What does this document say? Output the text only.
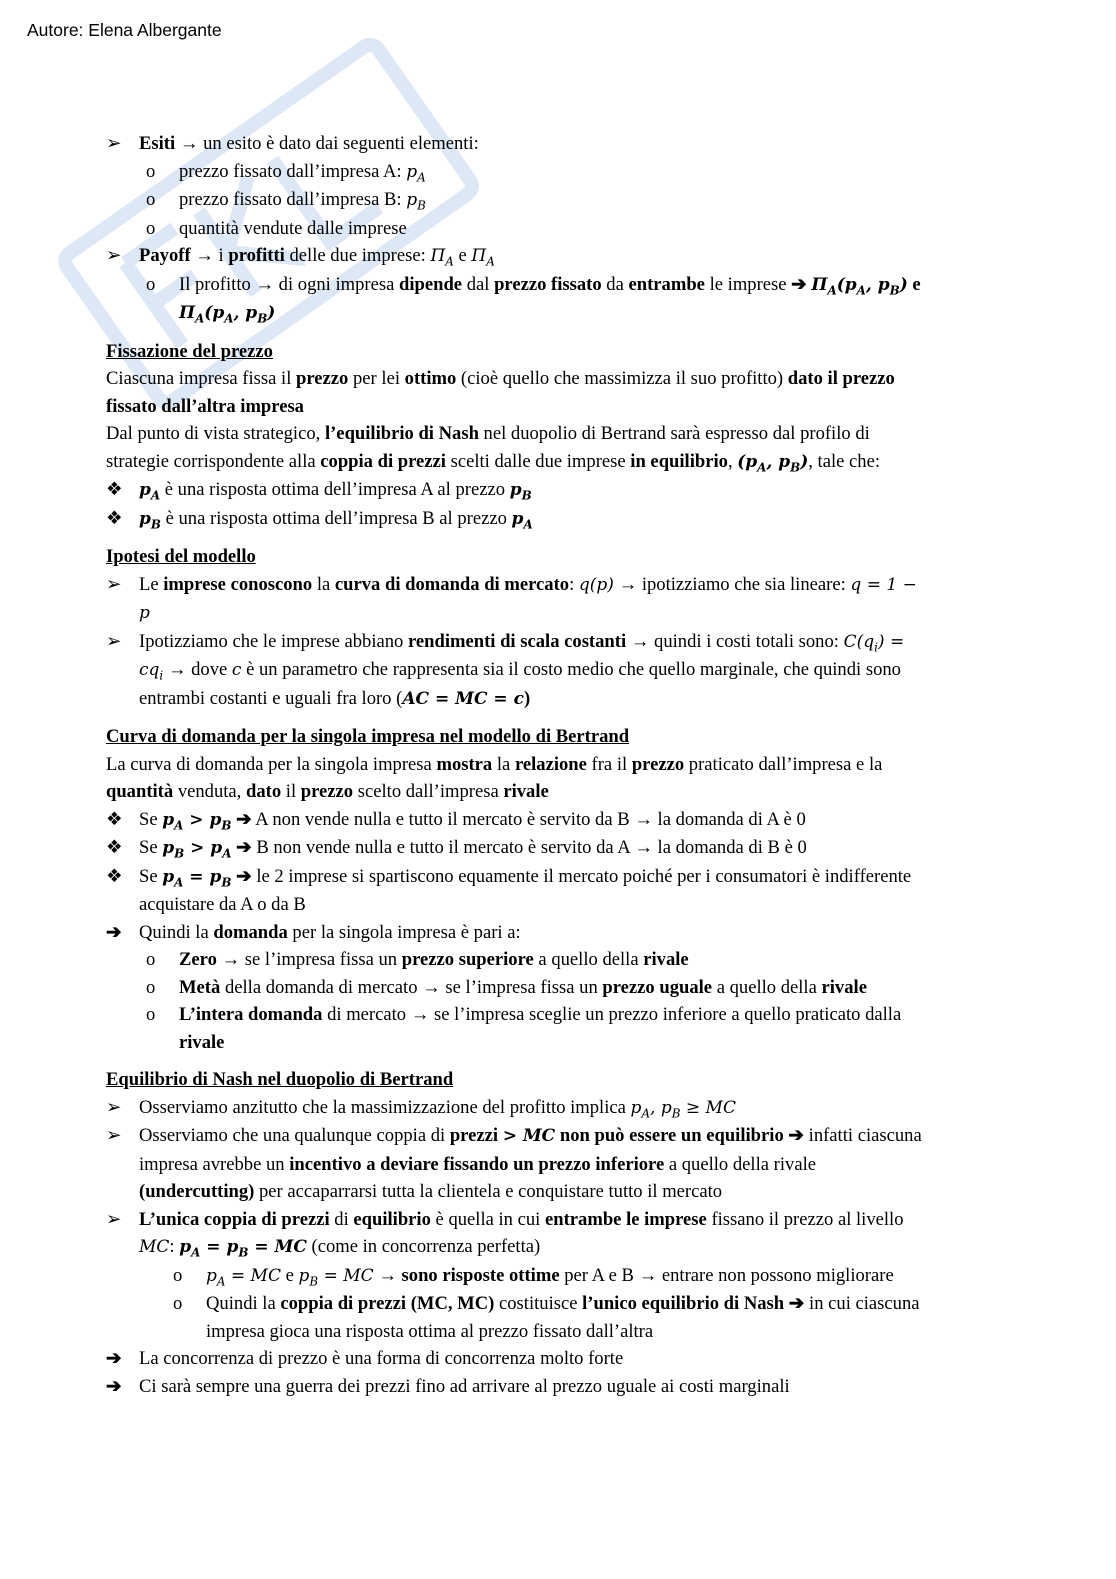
Autore: Elena Albergante
➢ Esiti → un esito è dato dai seguenti elementi:
o prezzo fissato dall’impresa A: $p_A$
o prezzo fissato dall’impresa B: $p_B$
o quantità vendute dalle imprese
➢ Payoff → i profitti delle due imprese: $\Pi_A$ e $\Pi_A$
o Il profitto → di ogni impresa dipende dal prezzo fissato da entrambe le imprese ➔ $\Pi_A(p_A$, $p_B$) e
$\Pi_A(p_A$, $p_B$)
Fissazione del prezzo
Ciascuna impresa fissa il prezzo per lei ottimo (cioè quello che massimizza il suo profitto) dato il prezzo
fissato dall’altra impresa
Dal punto di vista strategico, l’equilibrio di Nash nel duopolio di Bertrand sarà espresso dal profilo di
strategie corrispondente alla coppia di prezzi scelti dalle due imprese in equilibrio, ($p_A$, $p_B$), tale che:
❖ $p_A$ è una risposta ottima dell’impresa A al prezzo $p_B$
❖ $p_B$ è una risposta ottima dell’impresa B al prezzo $p_A$
Ipotesi del modello
➢ Le imprese conoscono la curva di domanda di mercato: q(p) → ipotizziamo che sia lineare: q = 1 −
p
➢ Ipotizziamo che le imprese abbiano rendimenti di scala costanti → quindi i costi totali sono: $C(q_i)$ =
$cq_i$ → dove c è un parametro che rappresenta sia il costo medio che quello marginale, che quindi sono
entrambi costanti e uguali fra loro (AC = MC = c)
Curva di domanda per la singola impresa nel modello di Bertrand
La curva di domanda per la singola impresa mostra la relazione fra il prezzo praticato dall’impresa e la
quantità venduta, dato il prezzo scelto dall’impresa rivale
❖ Se $p_A > p_B$ ➔ A non vende nulla e tutto il mercato è servito da B → la domanda di A è 0
❖ Se $p_B > p_A$ ➔ B non vende nulla e tutto il mercato è servito da A → la domanda di B è 0
❖ Se $p_A = p_B$ ➔ le 2 imprese si spartiscono equamente il mercato poiché per i consumatori è indifferente
acquistare da A o da B
➔ Quindi la domanda per la singola impresa è pari a:
o Zero → se l’impresa fissa un prezzo superiore a quello della rivale
o Metà della domanda di mercato → se l’impresa fissa un prezzo uguale a quello della rivale
o L’intera domanda di mercato → se l’impresa sceglie un prezzo inferiore a quello praticato dalla
rivale
Equilibrio di Nash nel duopolio di Bertrand
➢ Osserviamo anzitutto che la massimizzazione del profitto implica $p_A$, $p_B$ ≥ MC
➢ Osserviamo che una qualunque coppia di prezzi > MC non può essere un equilibrio ➔ infatti ciascuna
impresa avrebbe un incentivo a deviare fissando un prezzo inferiore a quello della rivale
(undercutting) per accaparrarsi tutta la clientela e conquistare tutto il mercato
➢ L’unica coppia di prezzi di equilibrio è quella in cui entrambe le imprese fissano il prezzo al livello
MC: $p_A = p_B$ = MC (come in concorrenza perfetta)
o $p_A$ = MC e $p_B$ = MC → sono risposte ottime per A e B → entrare non possono migliorare
o Quindi la coppia di prezzi (MC, MC) costituisce l’unico equilibrio di Nash ➔ in cui ciascuna
impresa gioca una risposta ottima al prezzo fissato dall’altra
➔ La concorrenza di prezzo è una forma di concorrenza molto forte
➔ Ci sarà sempre una guerra dei prezzi fino ad arrivare al prezzo uguale ai costi marginali
